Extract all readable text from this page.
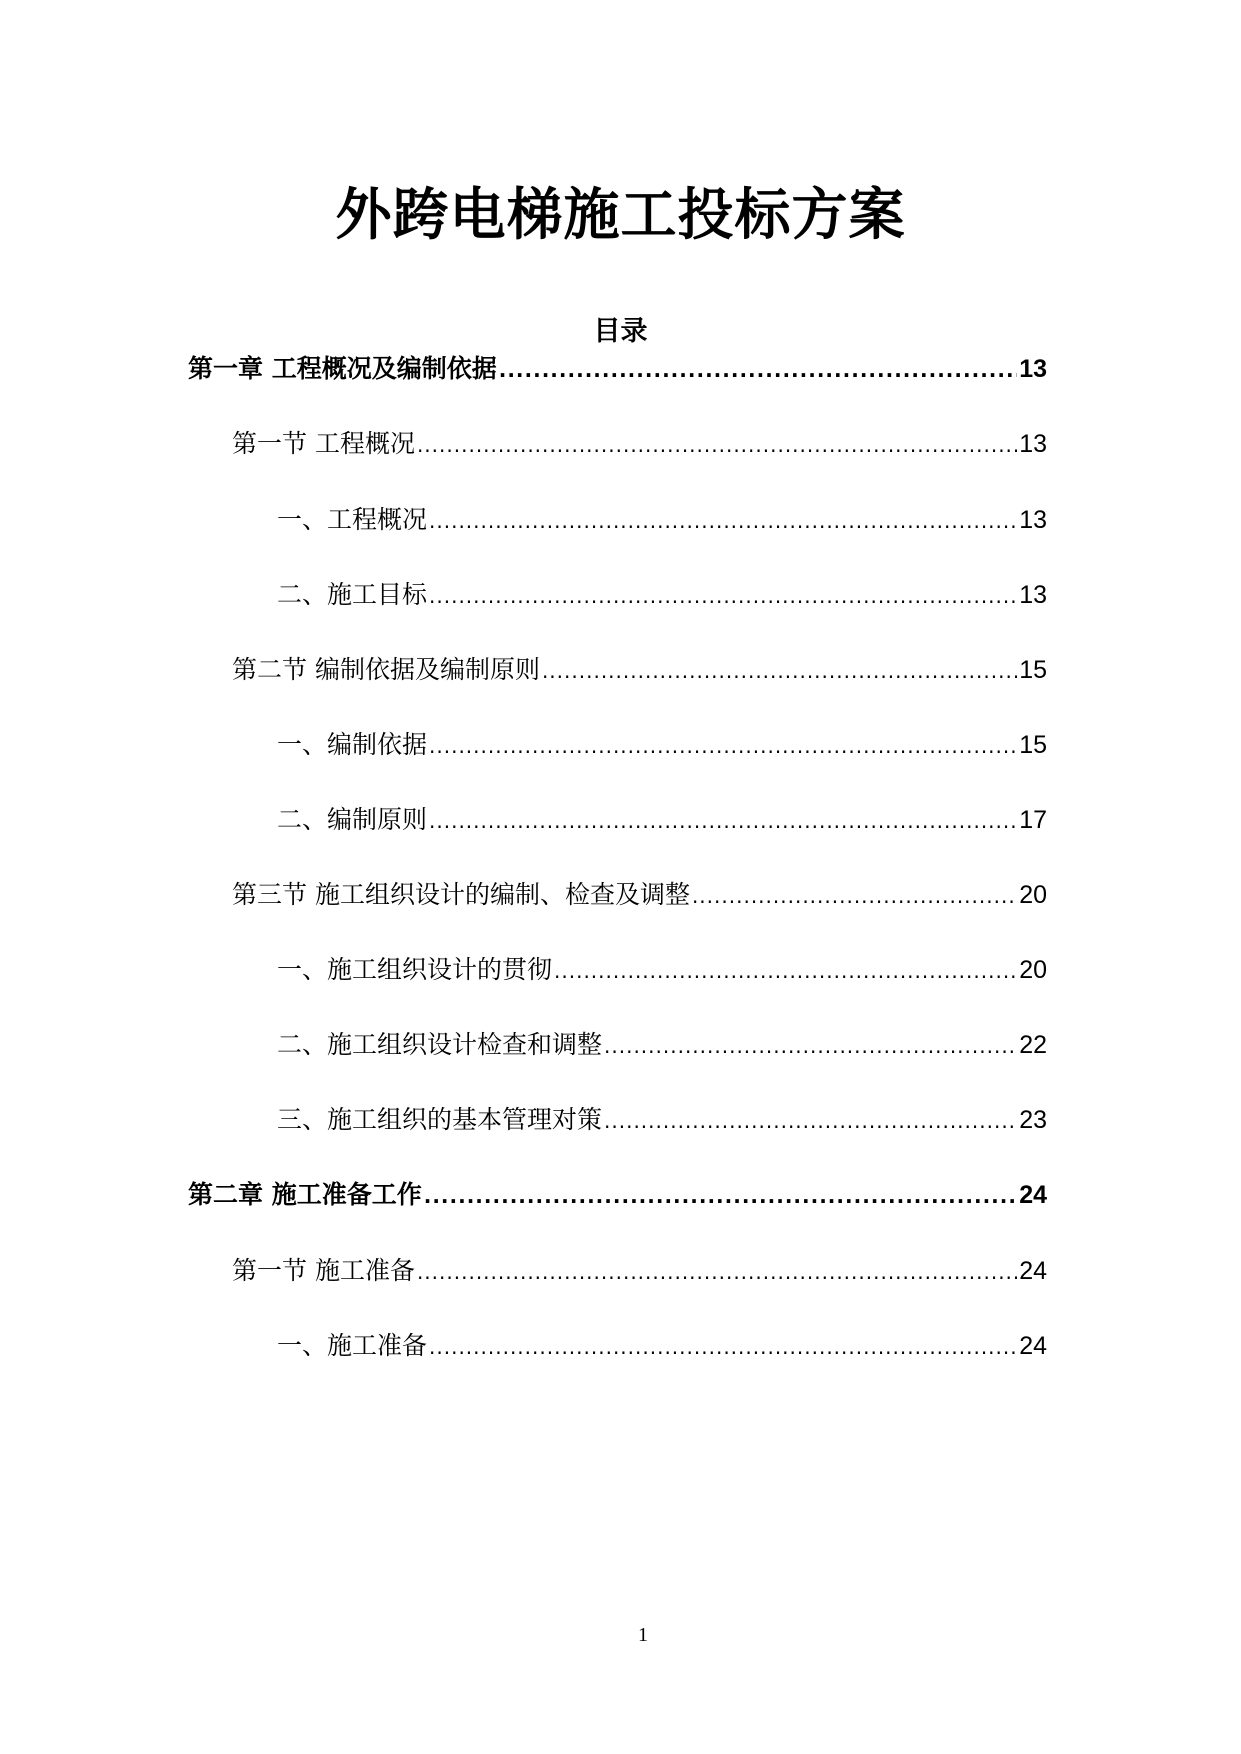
外跨电梯施工投标方案
目录
第一章 工程概况及编制依据 .....	13
第一节 工程概况 .....	13
一、工程概况 .....	13
二、施工目标 .....	13
第二节 编制依据及编制原则 .....	15
一、编制依据 .....	15
二、编制原则 .....	17
第三节 施工组织设计的编制、检查及调整 .....	20
一、施工组织设计的贯彻 .....	20
二、施工组织设计检查和调整 .....	22
三、施工组织的基本管理对策 .....	23
第二章 施工准备工作 .....	24
第一节 施工准备 .....	24
一、施工准备 .....	24
1
